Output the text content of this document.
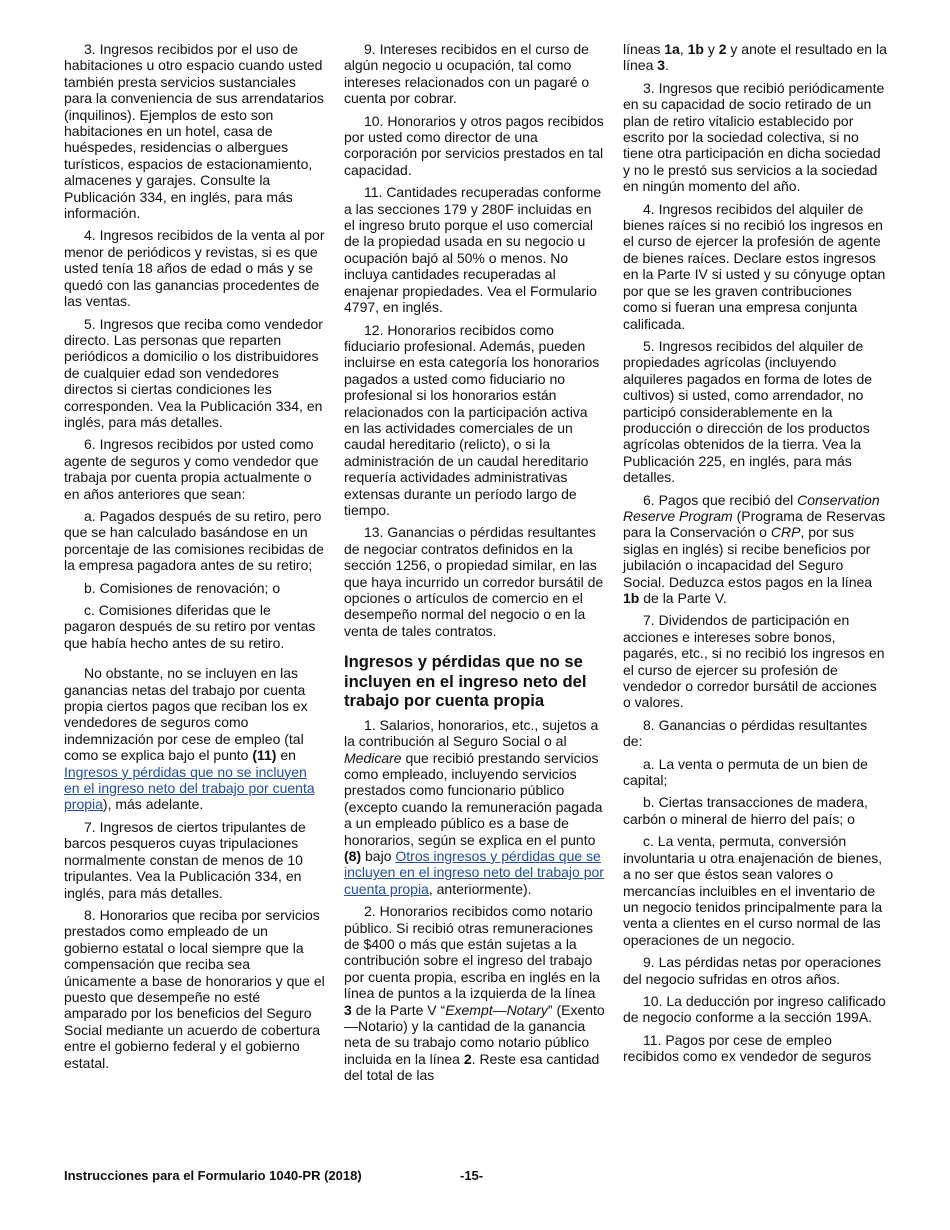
3. Ingresos recibidos por el uso de habitaciones u otro espacio cuando usted también presta servicios sustanciales para la conveniencia de sus arrendatarios (inquilinos). Ejemplos de esto son habitaciones en un hotel, casa de huéspedes, residencias o albergues turísticos, espacios de estacionamiento, almacenes y garajes. Consulte la Publicación 334, en inglés, para más información.

4. Ingresos recibidos de la venta al por menor de periódicos y revistas, si es que usted tenía 18 años de edad o más y se quedó con las ganancias procedentes de las ventas.

5. Ingresos que reciba como vendedor directo. Las personas que reparten periódicos a domicilio o los distribuidores de cualquier edad son vendedores directos si ciertas condiciones les corresponden. Vea la Publicación 334, en inglés, para más detalles.

6. Ingresos recibidos por usted como agente de seguros y como vendedor que trabaja por cuenta propia actualmente o en años anteriores que sean:

a. Pagados después de su retiro, pero que se han calculado basándose en un porcentaje de las comisiones recibidas de la empresa pagadora antes de su retiro;

b. Comisiones de renovación; o

c. Comisiones diferidas que le pagaron después de su retiro por ventas que había hecho antes de su retiro.

No obstante, no se incluyen en las ganancias netas del trabajo por cuenta propia ciertos pagos que reciban los ex vendedores de seguros como indemnización por cese de empleo (tal como se explica bajo el punto (11) en Ingresos y pérdidas que no se incluyen en el ingreso neto del trabajo por cuenta propia), más adelante.

7. Ingresos de ciertos tripulantes de barcos pesqueros cuyas tripulaciones normalmente constan de menos de 10 tripulantes. Vea la Publicación 334, en inglés, para más detalles.

8. Honorarios que reciba por servicios prestados como empleado de un gobierno estatal o local siempre que la compensación que reciba sea únicamente a base de honorarios y que el puesto que desempeñe no esté amparado por los beneficios del Seguro Social mediante un acuerdo de cobertura entre el gobierno federal y el gobierno estatal.

9. Intereses recibidos en el curso de algún negocio u ocupación, tal como intereses relacionados con un pagaré o cuenta por cobrar.

10. Honorarios y otros pagos recibidos por usted como director de una corporación por servicios prestados en tal capacidad.

11. Cantidades recuperadas conforme a las secciones 179 y 280F incluidas en el ingreso bruto porque el uso comercial de la propiedad usada en su negocio u ocupación bajó al 50% o menos. No incluya cantidades recuperadas al enajenar propiedades. Vea el Formulario 4797, en inglés.

12. Honorarios recibidos como fiduciario profesional. Además, pueden incluirse en esta categoría los honorarios pagados a usted como fiduciario no profesional si los honorarios están relacionados con la participación activa en las actividades comerciales de un caudal hereditario (relicto), o si la administración de un caudal hereditario requería actividades administrativas extensas durante un período largo de tiempo.

13. Ganancias o pérdidas resultantes de negociar contratos definidos en la sección 1256, o propiedad similar, en las que haya incurrido un corredor bursátil de opciones o artículos de comercio en el desempeño normal del negocio o en la venta de tales contratos.

Ingresos y pérdidas que no se incluyen en el ingreso neto del trabajo por cuenta propia

1. Salarios, honorarios, etc., sujetos a la contribución al Seguro Social o al Medicare que recibió prestando servicios como empleado, incluyendo servicios prestados como funcionario público (excepto cuando la remuneración pagada a un empleado público es a base de honorarios, según se explica en el punto (8) bajo Otros ingresos y pérdidas que se incluyen en el ingreso neto del trabajo por cuenta propia, anteriormente).

2. Honorarios recibidos como notario público. Si recibió otras remuneraciones de $400 o más que están sujetas a la contribución sobre el ingreso del trabajo por cuenta propia, escriba en inglés en la línea de puntos a la izquierda de la línea 3 de la Parte V “Exempt—Notary” (Exento —Notario) y la cantidad de la ganancia neta de su trabajo como notario público incluida en la línea 2. Reste esa cantidad del total de las

líneas 1a, 1b y 2 y anote el resultado en la línea 3.

3. Ingresos que recibió periódicamente en su capacidad de socio retirado de un plan de retiro vitalicio establecido por escrito por la sociedad colectiva, si no tiene otra participación en dicha sociedad y no le prestó sus servicios a la sociedad en ningún momento del año.

4. Ingresos recibidos del alquiler de bienes raíces si no recibió los ingresos en el curso de ejercer la profesión de agente de bienes raíces. Declare estos ingresos en la Parte IV si usted y su cónyuge optan por que se les graven contribuciones como si fueran una empresa conjunta calificada.

5. Ingresos recibidos del alquiler de propiedades agrícolas (incluyendo alquileres pagados en forma de lotes de cultivos) si usted, como arrendador, no participó considerablemente en la producción o dirección de los productos agrícolas obtenidos de la tierra. Vea la Publicación 225, en inglés, para más detalles.

6. Pagos que recibió del Conservation Reserve Program (Programa de Reservas para la Conservación o CRP, por sus siglas en inglés) si recibe beneficios por jubilación o incapacidad del Seguro Social. Deduzca estos pagos en la línea 1b de la Parte V.

7. Dividendos de participación en acciones e intereses sobre bonos, pagarés, etc., si no recibió los ingresos en el curso de ejercer su profesión de vendedor o corredor bursátil de acciones o valores.

8. Ganancias o pérdidas resultantes de:

a. La venta o permuta de un bien de capital;

b. Ciertas transacciones de madera, carbón o mineral de hierro del país; o

c. La venta, permuta, conversión involuntaria u otra enajenación de bienes, a no ser que éstos sean valores o mercancías incluibles en el inventario de un negocio tenidos principalmente para la venta a clientes en el curso normal de las operaciones de un negocio.

9. Las pérdidas netas por operaciones del negocio sufridas en otros años.

10. La deducción por ingreso calificado de negocio conforme a la sección 199A.

11. Pagos por cese de empleo recibidos como ex vendedor de seguros

Instrucciones para el Formulario 1040-PR (2018)	-15-
